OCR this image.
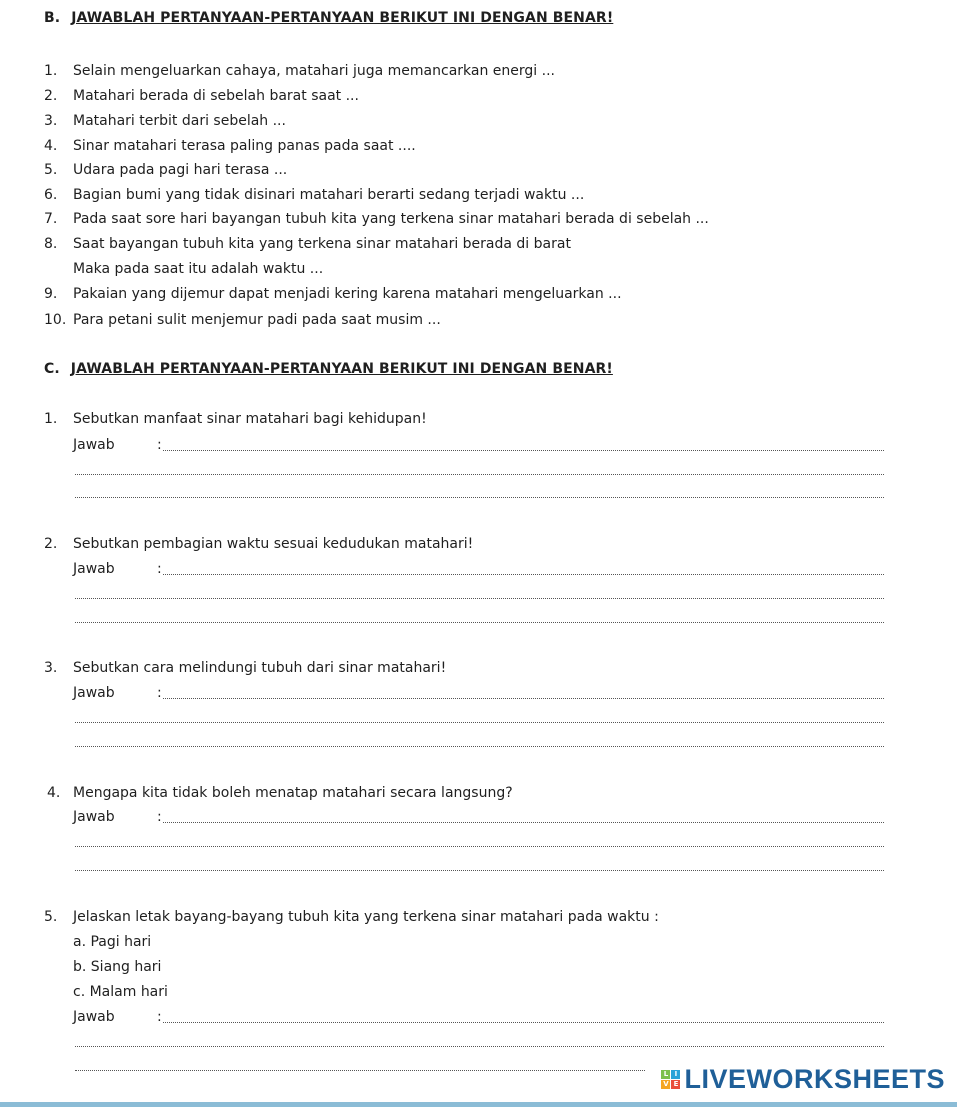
B. JAWABLAH PERTANYAAN-PERTANYAAN BERIKUT INI DENGAN BENAR!
1. Selain mengeluarkan cahaya, matahari juga memancarkan energi ...
2. Matahari berada di sebelah barat saat ...
3. Matahari terbit dari sebelah ...
4. Sinar matahari terasa paling panas pada saat ....
5. Udara pada pagi hari terasa ...
6. Bagian bumi yang tidak disinari matahari berarti sedang terjadi waktu ...
7. Pada saat sore hari bayangan tubuh kita yang terkena sinar matahari berada di sebelah ...
8. Saat bayangan tubuh kita yang terkena sinar matahari berada di barat
Maka pada saat itu adalah waktu ...
9. Pakaian yang dijemur dapat menjadi kering karena matahari mengeluarkan ...
10. Para petani sulit menjemur padi pada saat musim ...
C. JAWABLAH PERTANYAAN-PERTANYAAN BERIKUT INI DENGAN BENAR!
1. Sebutkan manfaat sinar matahari bagi kehidupan!
Jawab	:
2. Sebutkan pembagian waktu sesuai kedudukan matahari!
Jawab	:
3. Sebutkan cara melindungi tubuh dari sinar matahari!
Jawab	:
4. Mengapa kita tidak boleh menatap matahari secara langsung?
Jawab	:
5. Jelaskan letak bayang-bayang tubuh kita yang terkena sinar matahari pada waktu :
a. Pagi hari
b. Siang hari
c. Malam hari
Jawab	:
L I
V E LIVEWORKSHEETS
